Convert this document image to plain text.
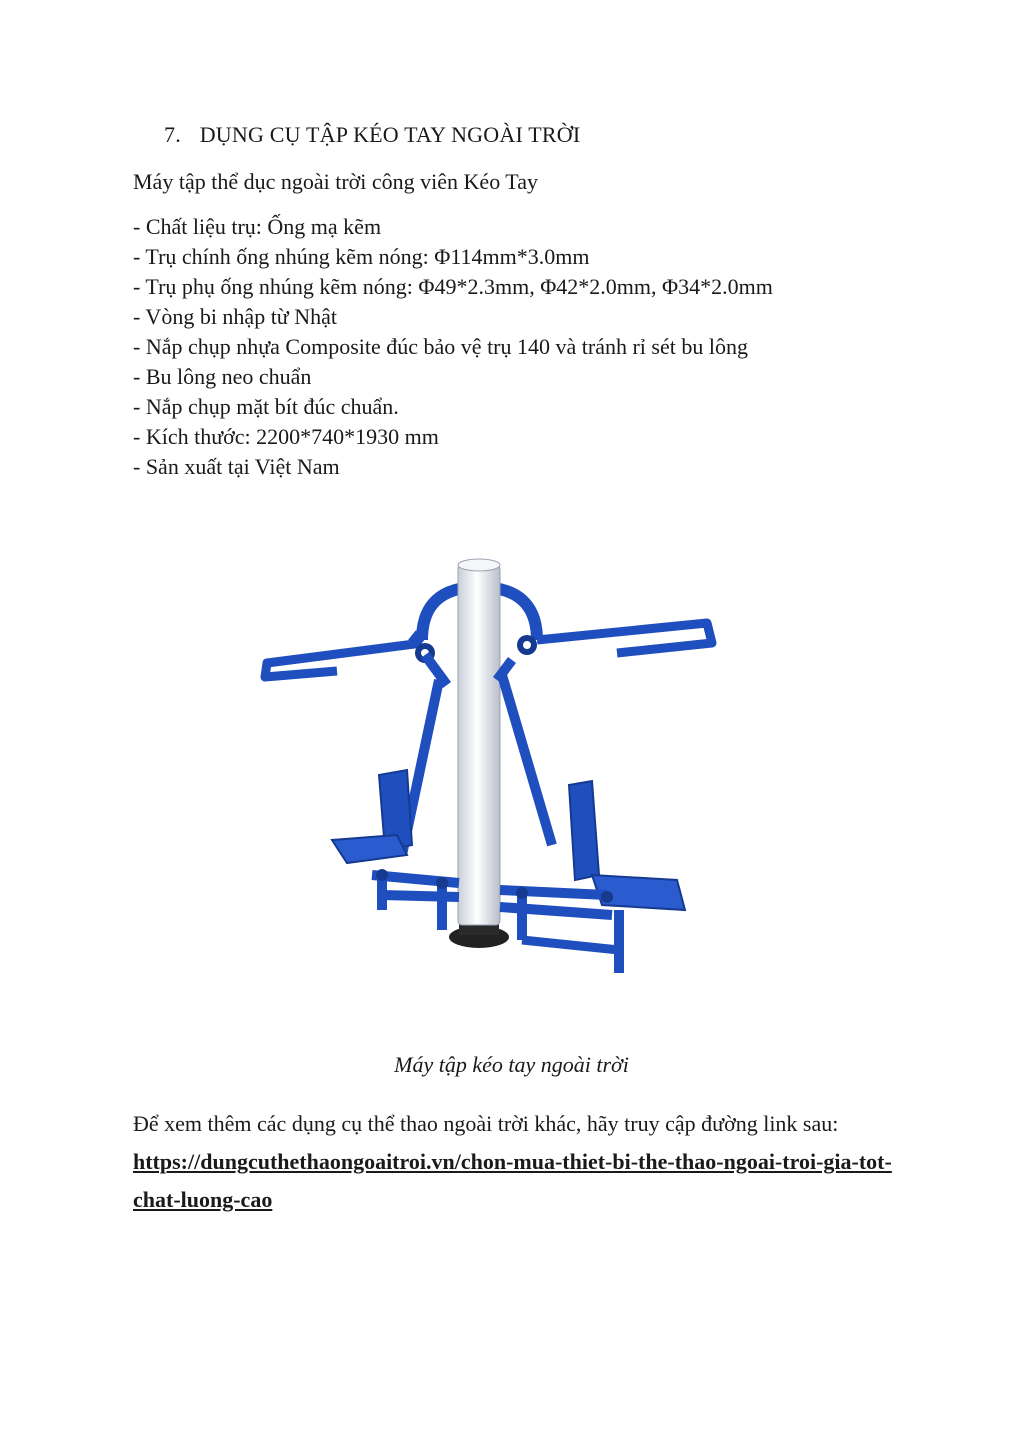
7. DỤNG CỤ TẬP KÉO TAY NGOÀI TRỜI
Máy tập thể dục ngoài trời công viên Kéo Tay
- Chất liệu trụ: Ống mạ kẽm
- Trụ chính ống nhúng kẽm nóng: Φ114mm*3.0mm
- Trụ phụ ống nhúng kẽm nóng: Φ49*2.3mm, Φ42*2.0mm, Φ34*2.0mm
- Vòng bi nhập từ Nhật
- Nắp chụp nhựa Composite đúc bảo vệ trụ 140 và tránh rỉ sét bu lông
- Bu lông neo chuẩn
- Nắp chụp mặt bít đúc chuẩn.
- Kích thước: 2200*740*1930 mm
- Sản xuất tại Việt Nam
Máy tập kéo tay ngoài trời
Để xem thêm các dụng cụ thể thao ngoài trời khác, hãy truy cập đường link sau: https://dungcuthethaongoaitroi.vn/chon-mua-thiet-bi-the-thao-ngoai-troi-gia-tot-chat-luong-cao
